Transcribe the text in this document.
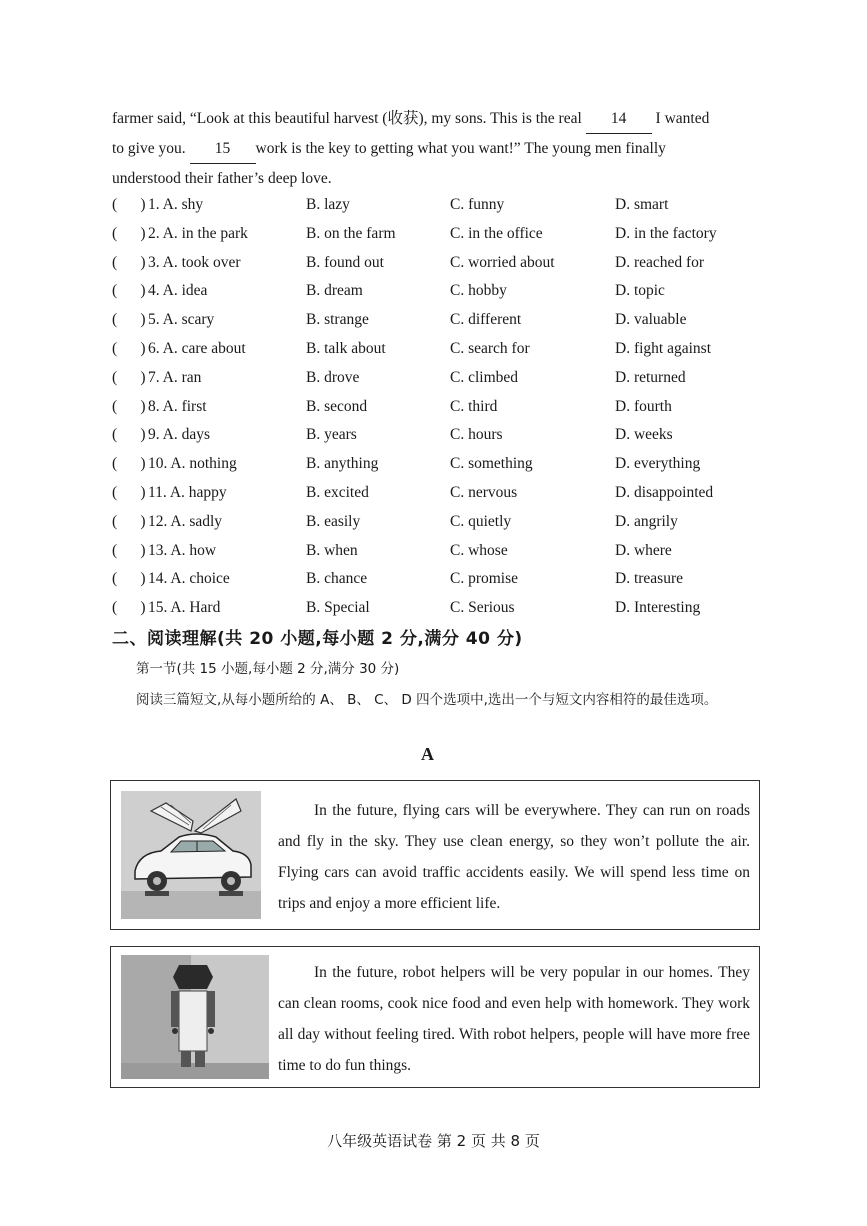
farmer said, “Look at this beautiful harvest (收获), my sons. This is the real 14 I wanted
to give you. 15 work is the key to getting what you want!” The young men finally
understood their father’s deep love.
(      ) 1. A. shy	B. lazy	C. funny	D. smart
(      ) 2. A. in the park	B. on the farm	C. in the office	D. in the factory
(      ) 3. A. took over	B. found out	C. worried about	D. reached for
(      ) 4. A. idea	B. dream	C. hobby	D. topic
(      ) 5. A. scary	B. strange	C. different	D. valuable
(      ) 6. A. care about	B. talk about	C. search for	D. fight against
(      ) 7. A. ran	B. drove	C. climbed	D. returned
(      ) 8. A. first	B. second	C. third	D. fourth
(      ) 9. A. days	B. years	C. hours	D. weeks
(      ) 10. A. nothing	B. anything	C. something	D. everything
(      ) 11. A. happy	B. excited	C. nervous	D. disappointed
(      ) 12. A. sadly	B. easily	C. quietly	D. angrily
(      ) 13. A. how	B. when	C. whose	D. where
(      ) 14. A. choice	B. chance	C. promise	D. treasure
(      ) 15. A. Hard	B. Special	C. Serious	D. Interesting
二、阅读理解(共 20 小题,每小题 2 分,满分 40 分)
第一节(共 15 小题,每小题 2 分,满分 30 分)
阅读三篇短文,从每小题所给的 A、 B、 C、 D 四个选项中,选出一个与短文内容相符的最佳选项。
A
In the future, flying cars will be everywhere. They can run on roads and fly in the sky. They use clean energy, so they won’t pollute the air. Flying cars can avoid traffic accidents easily. We will spend less time on trips and enjoy a more efficient life.
In the future, robot helpers will be very popular in our homes. They can clean rooms, cook nice food and even help with homework. They work all day without feeling tired. With robot helpers, people will have more free time to do fun things.
八年级英语试卷 第 2 页 共 8 页
